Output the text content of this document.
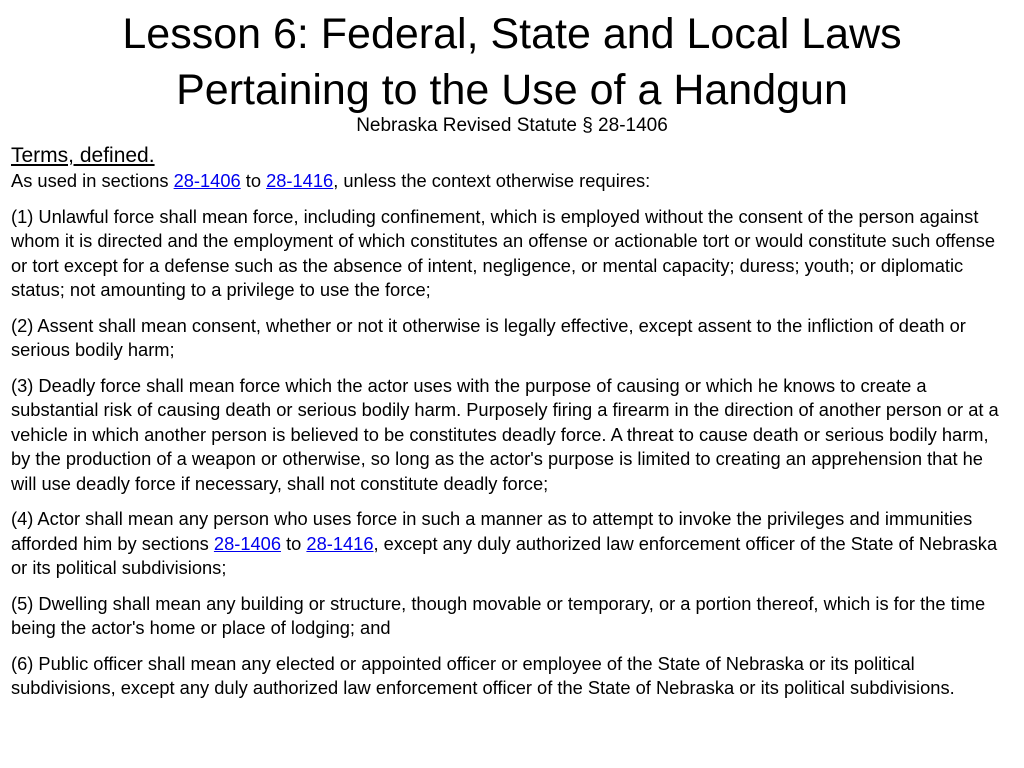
Lesson 6: Federal, State and Local Laws
Pertaining to the Use of a Handgun
Nebraska Revised Statute § 28-1406

Terms, defined.

As used in sections 28-1406 to 28-1416, unless the context otherwise requires:

(1) Unlawful force shall mean force, including confinement, which is employed without the consent of the person against whom it is directed and the employment of which constitutes an offense or actionable tort or would constitute such offense or tort except for a defense such as the absence of intent, negligence, or mental capacity; duress; youth; or diplomatic status; not amounting to a privilege to use the force;

(2) Assent shall mean consent, whether or not it otherwise is legally effective, except assent to the infliction of death or serious bodily harm;

(3) Deadly force shall mean force which the actor uses with the purpose of causing or which he knows to create a substantial risk of causing death or serious bodily harm. Purposely firing a firearm in the direction of another person or at a vehicle in which another person is believed to be constitutes deadly force. A threat to cause death or serious bodily harm, by the production of a weapon or otherwise, so long as the actor's purpose is limited to creating an apprehension that he will use deadly force if necessary, shall not constitute deadly force;

(4) Actor shall mean any person who uses force in such a manner as to attempt to invoke the privileges and immunities afforded him by sections 28-1406 to 28-1416, except any duly authorized law enforcement officer of the State of Nebraska or its political subdivisions;

(5) Dwelling shall mean any building or structure, though movable or temporary, or a portion thereof, which is for the time being the actor's home or place of lodging; and

(6) Public officer shall mean any elected or appointed officer or employee of the State of Nebraska or its political subdivisions, except any duly authorized law enforcement officer of the State of Nebraska or its political subdivisions.
